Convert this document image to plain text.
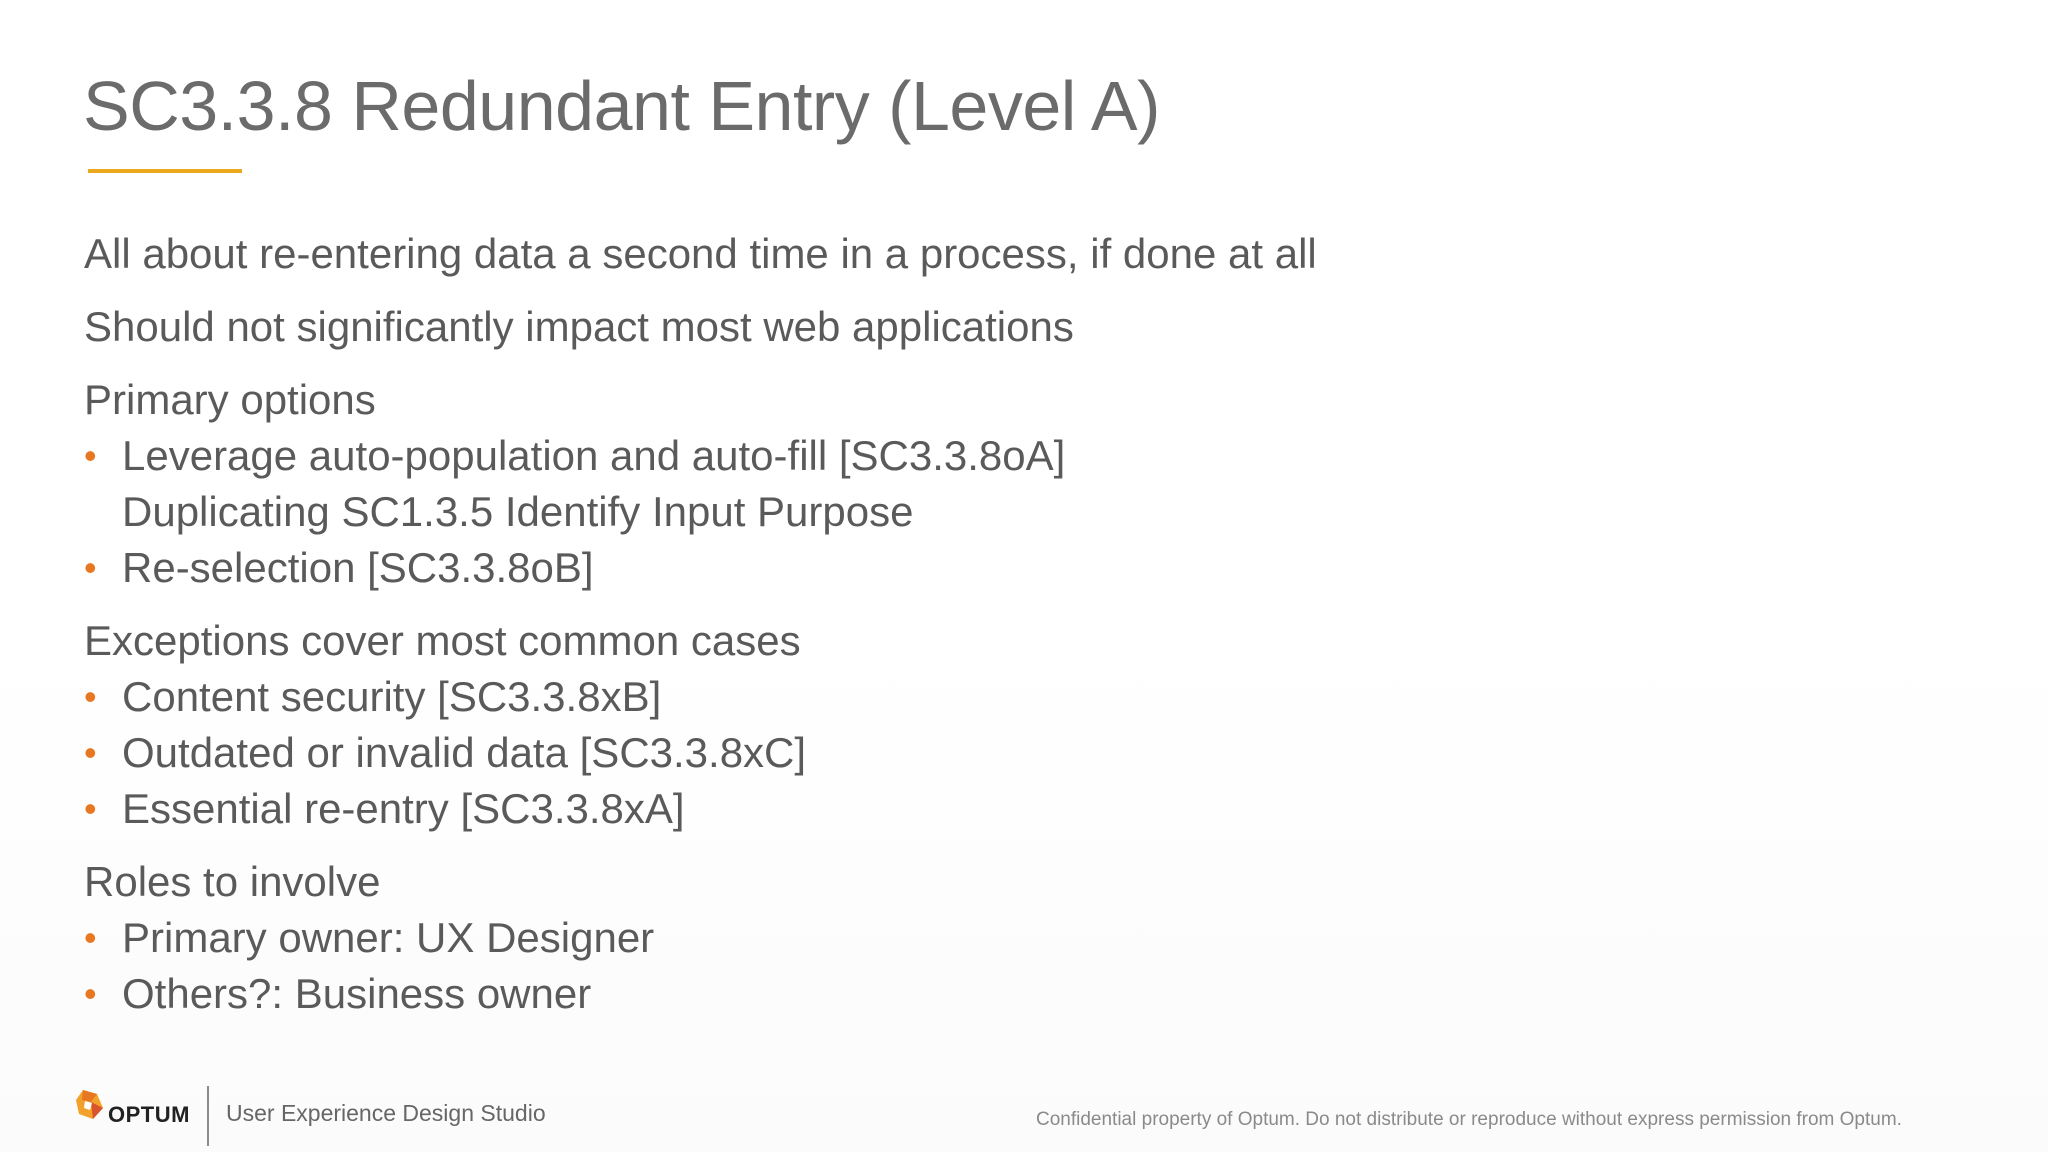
SC3.3.8 Redundant Entry (Level A)
All about re-entering data a second time in a process, if done at all
Should not significantly impact most web applications
Primary options
• Leverage auto-population and auto-fill [SC3.3.8oA]
Duplicating SC1.3.5 Identify Input Purpose
• Re-selection [SC3.3.8oB]
Exceptions cover most common cases
• Content security [SC3.3.8xB]
• Outdated or invalid data [SC3.3.8xC]
• Essential re-entry [SC3.3.8xA]
Roles to involve
• Primary owner: UX Designer
• Others?: Business owner
OPTUM User Experience Design Studio	Confidential property of Optum. Do not distribute or reproduce without express permission from Optum.
